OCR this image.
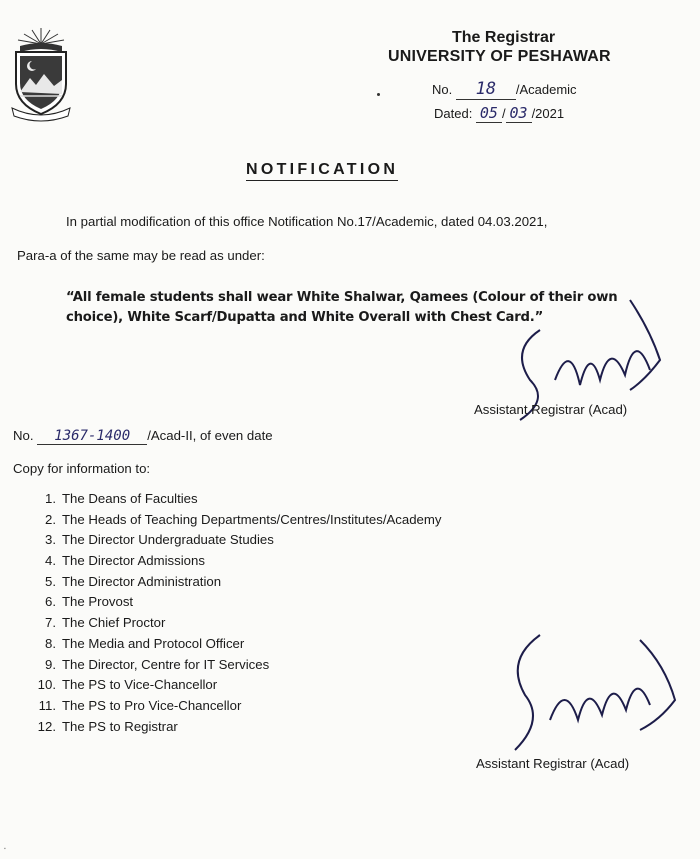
The Registrar
UNIVERSITY OF PESHAWAR
No. 18 /Academic
Dated: 05 / 03 /2021
NOTIFICATION
In partial modification of this office Notification No.17/Academic, dated 04.03.2021,
Para-a of the same may be read as under:
“All female students shall wear White Shalwar, Qamees (Colour of their own choice), White Scarf/Dupatta and White Overall with Chest Card.”
Assistant Registrar (Acad)
No. 1367-1400 /Acad-II, of even date
Copy for information to:
1. The Deans of Faculties
2. The Heads of Teaching Departments/Centres/Institutes/Academy
3. The Director Undergraduate Studies
4. The Director Admissions
5. The Director Administration
6. The Provost
7. The Chief Proctor
8. The Media and Protocol Officer
9. The Director, Centre for IT Services
10. The PS to Vice-Chancellor
11. The PS to Pro Vice-Chancellor
12. The PS to Registrar
Assistant Registrar (Acad)
▪
